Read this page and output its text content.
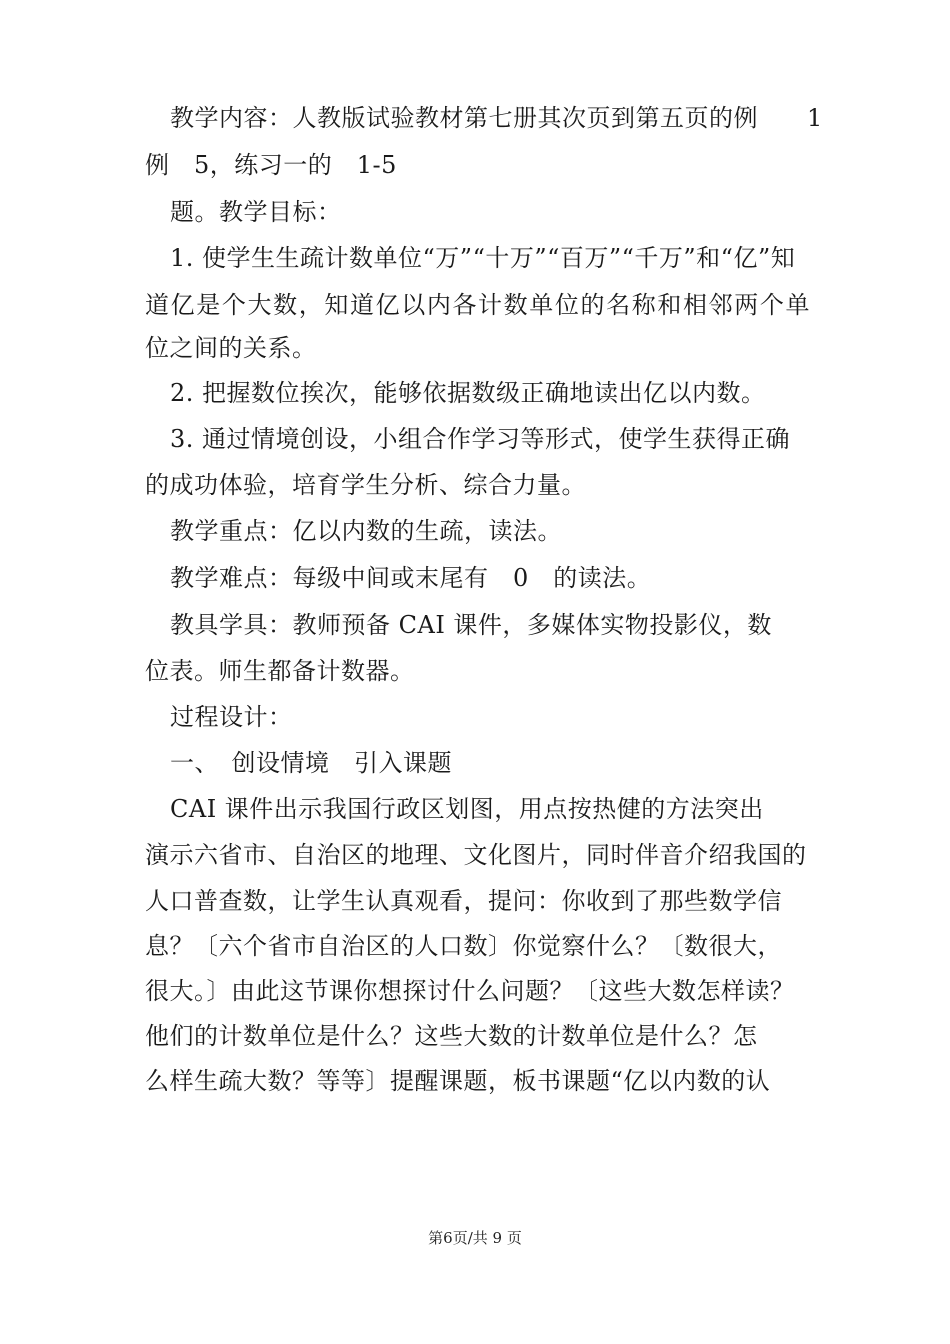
教学内容：人教版试验教材第七册其次页到第五页的例　　1
例　5，练习一的　1-5
题。教学目标：
1. 使学生生疏计数单位“万”“十万”“百万”“千万”和“亿”知
道亿是个大数，知道亿以内各计数单位的名称和相邻两个单
位之间的关系。
2. 把握数位挨次，能够依据数级正确地读出亿以内数。
3. 通过情境创设，小组合作学习等形式，使学生获得正确
的成功体验，培育学生分析、综合力量。
教学重点：亿以内数的生疏，读法。
教学难点：每级中间或末尾有　0　的读法。
教具学具：教师预备 CAI 课件，多媒体实物投影仪，数
位表。师生都备计数器。
过程设计：
一、　创设情境　引入课题
CAI 课件出示我国行政区划图，用点按热健的方法突出
演示六省市、自治区的地理、文化图片，同时伴音介绍我国的
人口普查数，让学生认真观看，提问：你收到了那些数学信
息？〔六个省市自治区的人口数〕你觉察什么？〔数很大，
很大。〕由此这节课你想探讨什么问题？〔这些大数怎样读？
他们的计数单位是什么？这些大数的计数单位是什么？怎
么样生疏大数？等等〕提醒课题，板书课题“亿以内数的认
第6页/共 9 页
